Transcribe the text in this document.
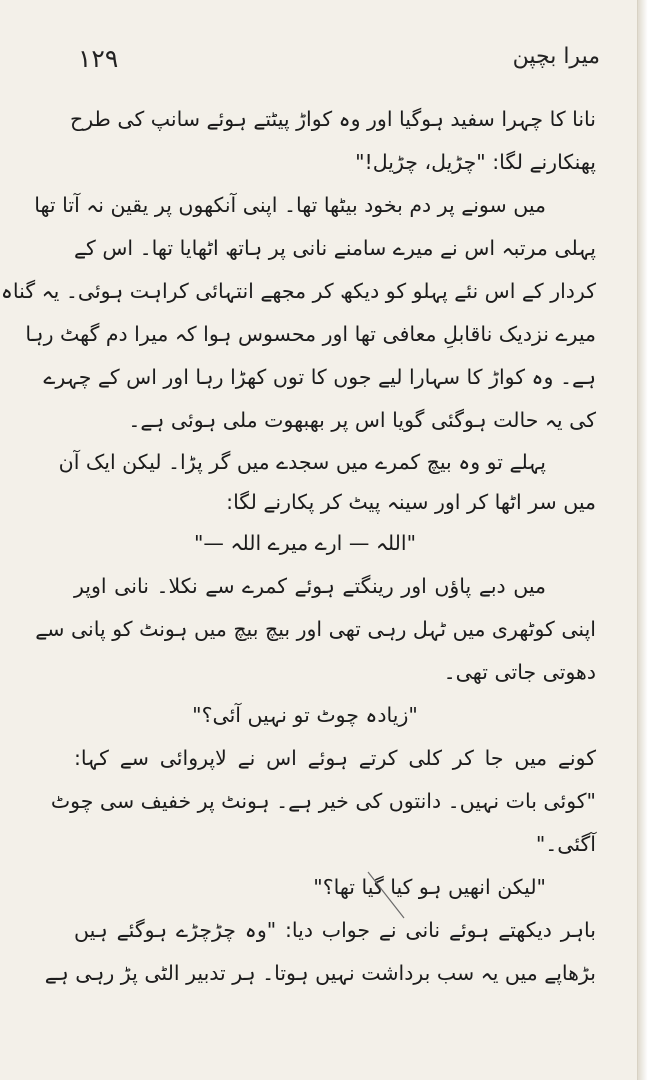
۱۲۹	میرا بچپن
نانا کا چہرا سفید ہوگیا اور وہ کواڑ پیٹتے ہوئے سانپ کی طرح
پھنکارنے لگا: "چڑیل، چڑیل!"
میں سونے پر دم بخود بیٹھا تھا۔ اپنی آنکھوں پر یقین نہ آتا تھا
پہلی مرتبہ اس نے میرے سامنے نانی پر ہاتھ اٹھایا تھا۔ اس کے
کردار کے اس نئے پہلو کو دیکھ کر مجھے انتہائی کراہت ہوئی۔ یہ گناہ
میرے نزدیک ناقابلِ معافی تھا اور محسوس ہوا کہ میرا دم گھٹ رہا
ہے۔ وہ کواڑ کا سہارا لیے جوں کا توں کھڑا رہا اور اس کے چہرے
کی یہ حالت ہوگئی گویا اس پر بھبھوت ملی ہوئی ہے۔
پہلے تو وہ بیچ کمرے میں سجدے میں گر پڑا۔ لیکن ایک آن
میں سر اٹھا کر اور سینہ پیٹ کر پکارنے لگا:
"اللہ — ارے میرے اللہ —"
میں دبے پاؤں اور رینگتے ہوئے کمرے سے نکلا۔ نانی اوپر
اپنی کوٹھری میں ٹہل رہی تھی اور بیچ بیچ میں ہونٹ کو پانی سے
دھوتی جاتی تھی۔
"زیادہ چوٹ تو نہیں آئی؟"
کونے میں جا کر کلی کرتے ہوئے اس نے لاپروائی سے کہا:
"کوئی بات نہیں۔ دانتوں کی خیر ہے۔ ہونٹ پر خفیف سی چوٹ
آگئی۔"
"لیکن انھیں ہو کیا گیا تھا؟"
باہر دیکھتے ہوئے نانی نے جواب دیا: "وہ چڑچڑے ہوگئے ہیں
بڑھاپے میں یہ سب برداشت نہیں ہوتا۔ ہر تدبیر الٹی پڑ رہی ہے
